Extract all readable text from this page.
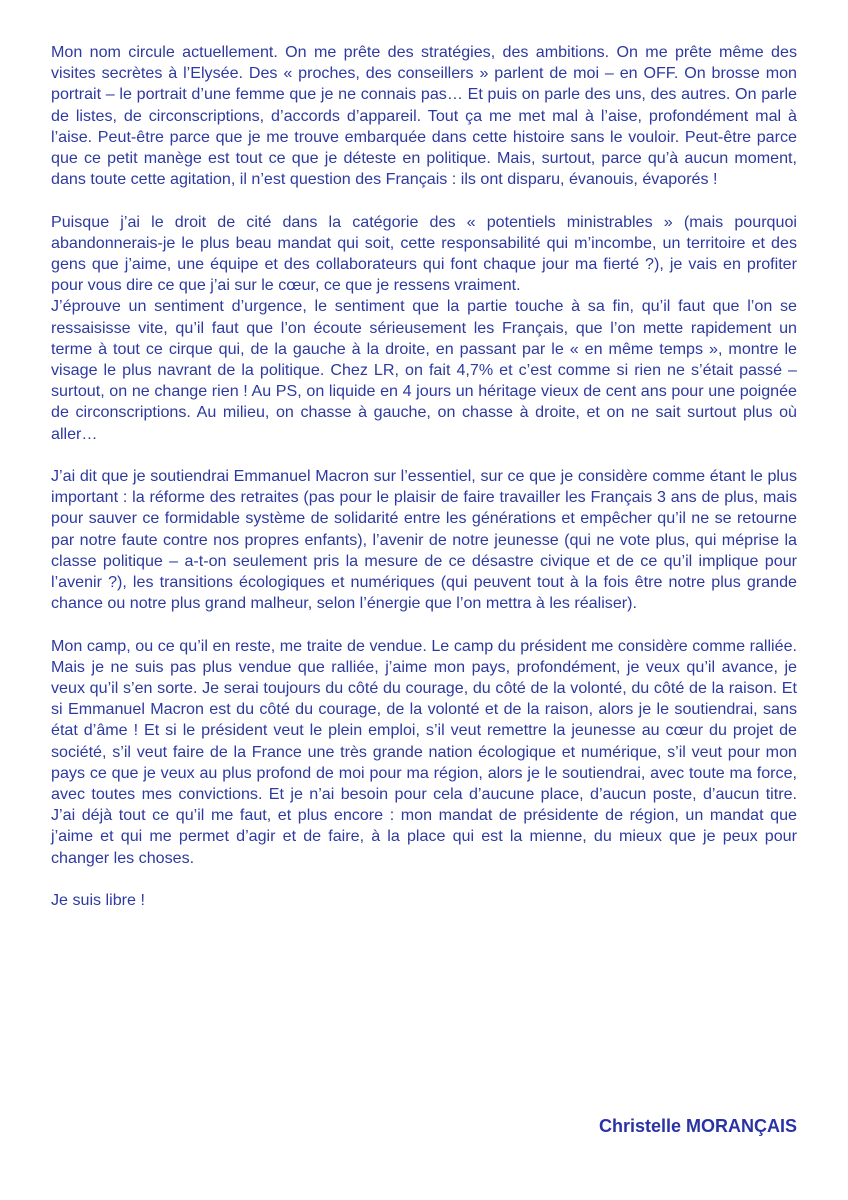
Mon nom circule actuellement. On me prête des stratégies, des ambitions. On me prête même des visites secrètes à l’Elysée. Des « proches, des conseillers » parlent de moi – en OFF. On brosse mon portrait – le portrait d’une femme que je ne connais pas… Et puis on parle des uns, des autres. On parle de listes, de circonscriptions, d’accords d’appareil. Tout ça me met mal à l’aise, profondément mal à l’aise. Peut-être parce que je me trouve embarquée dans cette histoire sans le vouloir. Peut-être parce que ce petit manège est tout ce que je déteste en politique. Mais, surtout, parce qu’à aucun moment, dans toute cette agitation, il n’est question des Français : ils ont disparu, évanouis, évaporés !

Puisque j’ai le droit de cité dans la catégorie des « potentiels ministrables » (mais pourquoi abandonnerais-je le plus beau mandat qui soit, cette responsabilité qui m’incombe, un territoire et des gens que j’aime, une équipe et des collaborateurs qui font chaque jour ma fierté ?), je vais en profiter pour vous dire ce que j’ai sur le cœur, ce que je ressens vraiment.

J’éprouve un sentiment d’urgence, le sentiment que la partie touche à sa fin, qu’il faut que l’on se ressaisisse vite, qu’il faut que l’on écoute sérieusement les Français, que l’on mette rapidement un terme à tout ce cirque qui, de la gauche à la droite, en passant par le « en même temps », montre le visage le plus navrant de la politique. Chez LR, on fait 4,7% et c’est comme si rien ne s’était passé – surtout, on ne change rien ! Au PS, on liquide en 4 jours un héritage vieux de cent ans pour une poignée de circonscriptions. Au milieu, on chasse à gauche, on chasse à droite, et on ne sait surtout plus où aller…

J’ai dit que je soutiendrai Emmanuel Macron sur l’essentiel, sur ce que je considère comme étant le plus important : la réforme des retraites (pas pour le plaisir de faire travailler les Français 3 ans de plus, mais pour sauver ce formidable système de solidarité entre les générations et empêcher qu’il ne se retourne par notre faute contre nos propres enfants), l’avenir de notre jeunesse (qui ne vote plus, qui méprise la classe politique – a-t-on seulement pris la mesure de ce désastre civique et de ce qu’il implique pour l’avenir ?), les transitions écologiques et numériques (qui peuvent tout à la fois être notre plus grande chance ou notre plus grand malheur, selon l’énergie que l’on mettra à les réaliser).

Mon camp, ou ce qu’il en reste, me traite de vendue. Le camp du président me considère comme ralliée. Mais je ne suis pas plus vendue que ralliée, j’aime mon pays, profondément, je veux qu’il avance, je veux qu’il s’en sorte. Je serai toujours du côté du courage, du côté de la volonté, du côté de la raison. Et si Emmanuel Macron est du côté du courage, de la volonté et de la raison, alors je le soutiendrai, sans état d’âme ! Et si le président veut le plein emploi, s’il veut remettre la jeunesse au cœur du projet de société, s’il veut faire de la France une très grande nation écologique et numérique, s’il veut pour mon pays ce que je veux au plus profond de moi pour ma région, alors je le soutiendrai, avec toute ma force, avec toutes mes convictions. Et je n’ai besoin pour cela d’aucune place, d’aucun poste, d’aucun titre. J’ai déjà tout ce qu’il me faut, et plus encore : mon mandat de présidente de région, un mandat que j’aime et qui me permet d’agir et de faire, à la place qui est la mienne, du mieux que je peux pour changer les choses.

Je suis libre !

Christelle MORANÇAIS
